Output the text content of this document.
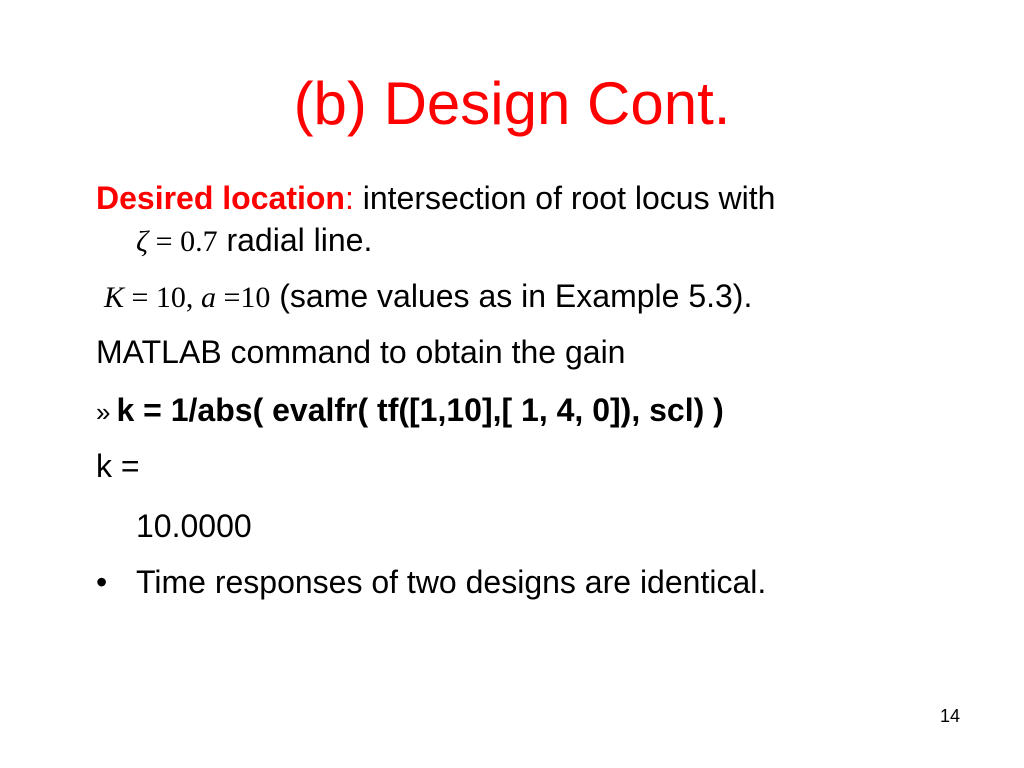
(b) Design Cont.

Desired location: intersection of root locus with

ζ = 0.7 radial line.

K = 10, a =10 (same values as in Example 5.3).

MATLAB command to obtain the gain

» k = 1/abs( evalfr( tf([1,10],[ 1, 4, 0]), scl) )

k =

10.0000

• Time responses of two designs are identical.

14
